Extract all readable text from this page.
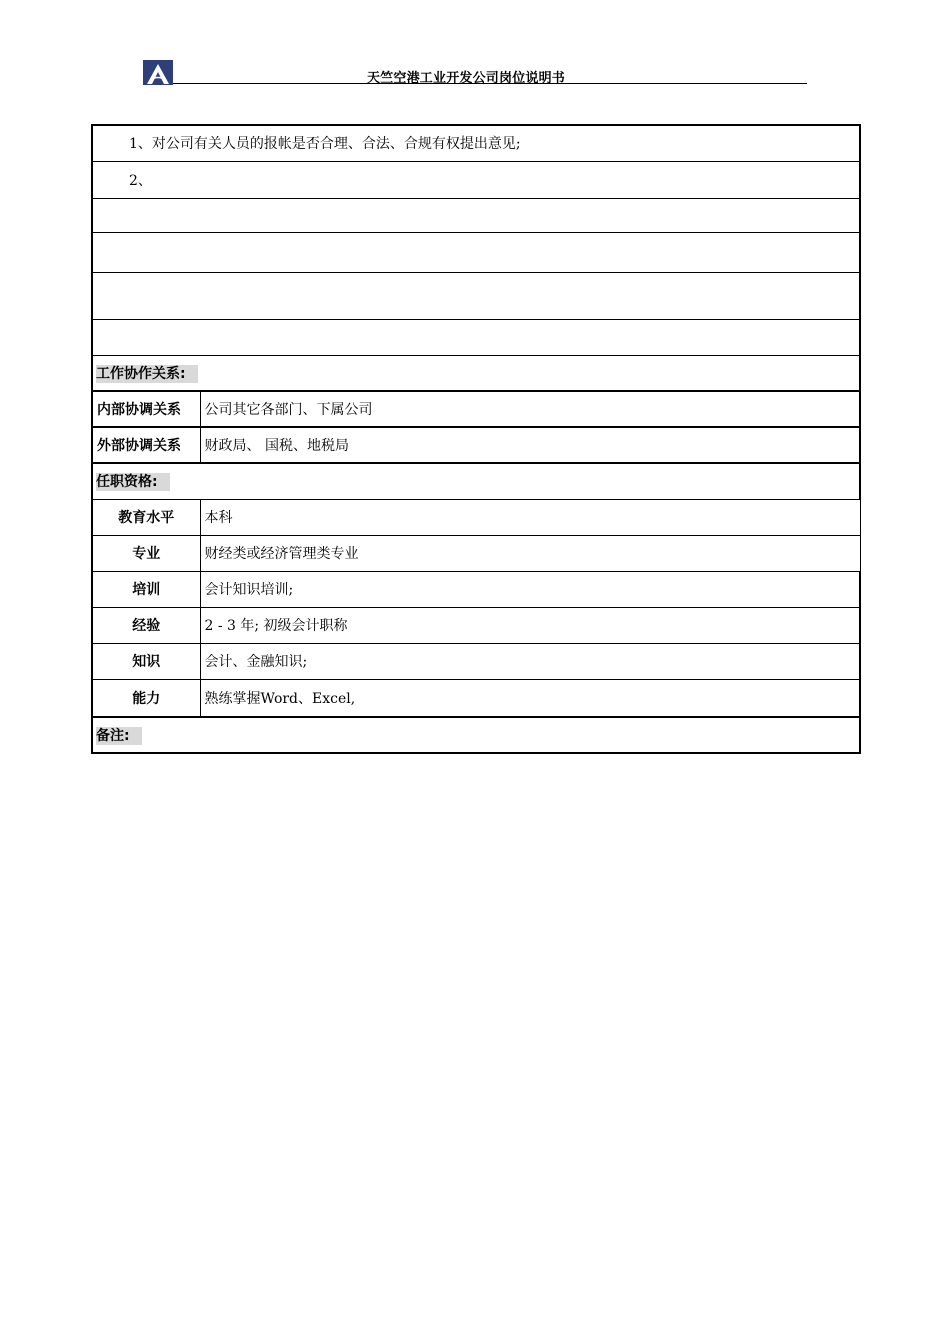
天竺空港工业开发公司岗位说明书
1、对公司有关人员的报帐是否合理、合法、合规有权提出意见;	
2、	

工作协作关系:	
内部协调关系	公司其它各部门、下属公司
外部协调关系	财政局、 国税、地税局
任职资格:	
教育水平	本科
专业	财经类或经济管理类专业
培训	会计知识培训;
经验	2 - 3 年; 初级会计职称
知识	会计、金融知识;
能力	熟练掌握Word、Excel,
备注:	
